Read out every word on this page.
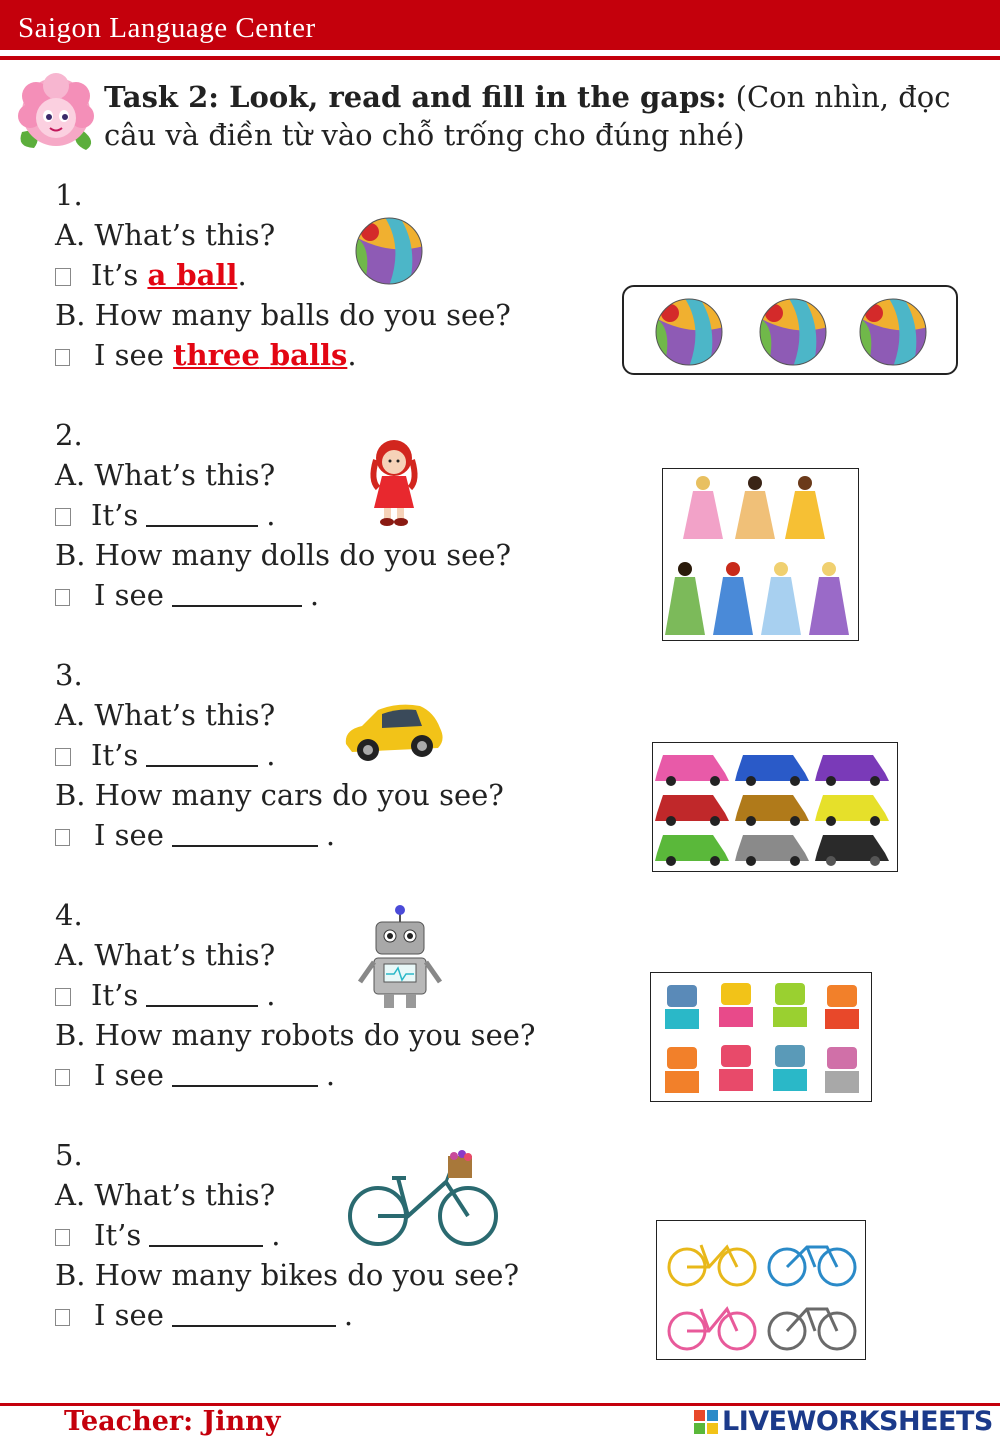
Saigon Language Center
Task 2: Look, read and fill in the gaps: (Con nhìn, đọc câu và điền từ vào chỗ trống cho đúng nhé)
1.
A. What’s this?
It’s
a ball .
B. How many balls do you see?
I see
three balls .
2.
A. What’s this?
It’s	.
B. How many dolls do you see?
I see	.
3.
A. What’s this?
It’s	.
B. How many cars do you see?
I see	.
4.
A. What’s this?
It’s	.
B. How many robots do you see?
I see	.
5.
A. What’s this?
It’s	.
B. How many bikes do you see?
I see	.
Teacher: Jinny	LIVEWORKSHEETS
